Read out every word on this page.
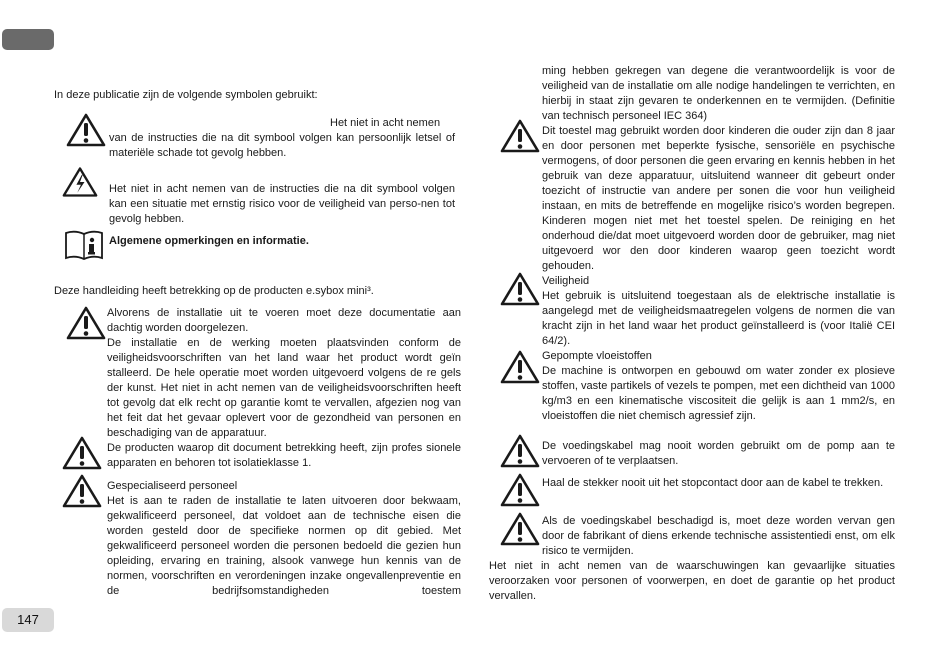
147

In deze publicatie zijn de volgende symbolen gebruikt:

Het niet in acht nemen

van de instructies die na dit symbool volgen kan persoonlijk letsel of materiële schade tot gevolg hebben.

Het niet in acht nemen van de instructies die na dit symbool volgen kan een situatie met ernstig risico voor de veiligheid van perso-nen tot gevolg hebben.

Algemene opmerkingen en informatie.

Deze handleiding heeft betrekking op de producten e.sybox mini³.

Alvorens de installatie uit te voeren moet deze documentatie aan dachtig worden doorgelezen.

De installatie en de werking moeten plaatsvinden conform de veiligheidsvoorschriften van het land waar het product wordt geïn stalleerd. De hele operatie moet worden uitgevoerd volgens de re gels der kunst. Het niet in acht nemen van de veiligheidsvoorschriften heeft tot gevolg dat elk recht op garantie komt te vervallen, afgezien nog van het feit dat het gevaar oplevert voor de gezondheid van personen en beschadiging van de apparatuur.

De producten waarop dit document betrekking heeft, zijn profes sionele apparaten en behoren tot isolatieklasse 1.

Gespecialiseerd personeel

Het is aan te raden de installatie te laten uitvoeren door bekwaam, gekwalificeerd personeel, dat voldoet aan de technische eisen die worden gesteld door de specifieke normen op dit gebied. Met gekwalificeerd personeel worden die personen bedoeld die gezien hun opleiding, ervaring en training, alsook vanwege hun kennis van de normen, voorschriften en verordeningen inzake ongevallenpreventie en de bedrijfsomstandigheden toestem

ming hebben gekregen van degene die verantwoordelijk is voor de veiligheid van de installatie om alle nodige handelingen te verrichten, en hierbij in staat zijn gevaren te onderkennen en te vermijden. (Definitie van technisch personeel IEC 364)

Dit toestel mag gebruikt worden door kinderen die ouder zijn dan 8 jaar en door personen met beperkte fysische, sensoriële en psychische vermogens, of door personen die geen ervaring en kennis hebben in het gebruik van deze apparatuur, uitsluitend wanneer dit gebeurt onder toezicht of instructie van andere per sonen die voor hun veiligheid instaan, en mits de betreffende en mogelijke risico’s worden begrepen. Kinderen mogen niet met het toestel spelen. De reiniging en het onderhoud die/dat moet uitgevoerd worden door de gebruiker, mag niet uitgevoerd wor den door kinderen waarop geen toezicht wordt gehouden.

Veiligheid

Het gebruik is uitsluitend toegestaan als de elektrische installatie is aangelegd met de veiligheidsmaatregelen volgens de normen die van kracht zijn in het land waar het product geïnstalleerd is (voor Italië CEI 64/2).

Gepompte vloeistoffen

De machine is ontworpen en gebouwd om water zonder ex plosieve stoffen, vaste partikels of vezels te pompen, met een dichtheid van 1000 kg/m3 en een kinematische viscositeit die gelijk is aan 1 mm2/s, en vloeistoffen die niet chemisch agressief zijn.

De voedingskabel mag nooit worden gebruikt om de pomp aan te vervoeren of te verplaatsen.

Haal de stekker nooit uit het stopcontact door aan de kabel te trekken.

Als de voedingskabel beschadigd is, moet deze worden vervan gen door de fabrikant of diens erkende technische assistentiedi enst, om elk risico te vermijden.

Het niet in acht nemen van de waarschuwingen kan gevaarlijke situaties veroorzaken voor personen of voorwerpen, en doet de garantie op het product vervallen.
